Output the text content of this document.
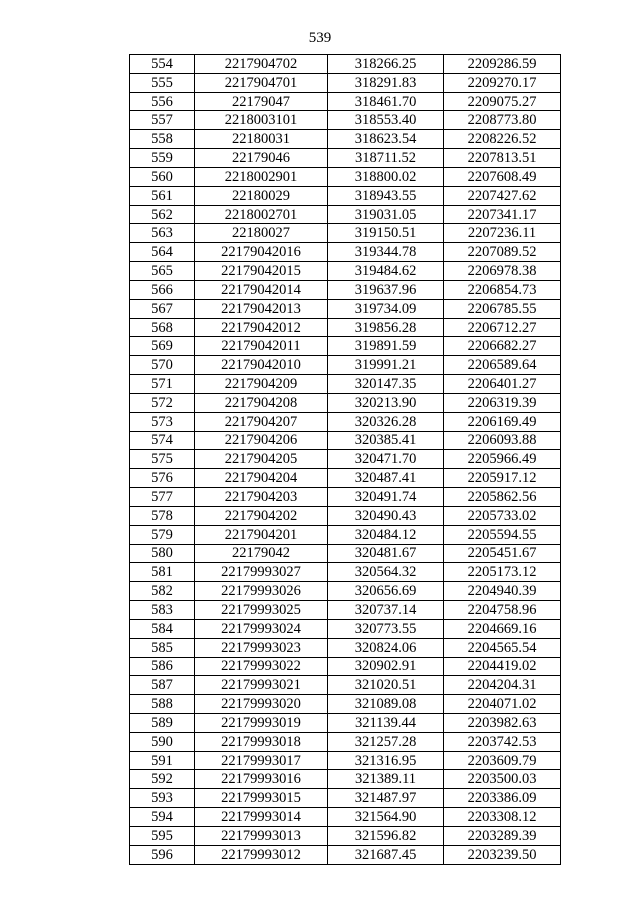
539
554	2217904702	318266.25	2209286.59
555	2217904701	318291.83	2209270.17
556	22179047	318461.70	2209075.27
557	2218003101	318553.40	2208773.80
558	22180031	318623.54	2208226.52
559	22179046	318711.52	2207813.51
560	2218002901	318800.02	2207608.49
561	22180029	318943.55	2207427.62
562	2218002701	319031.05	2207341.17
563	22180027	319150.51	2207236.11
564	22179042016	319344.78	2207089.52
565	22179042015	319484.62	2206978.38
566	22179042014	319637.96	2206854.73
567	22179042013	319734.09	2206785.55
568	22179042012	319856.28	2206712.27
569	22179042011	319891.59	2206682.27
570	22179042010	319991.21	2206589.64
571	2217904209	320147.35	2206401.27
572	2217904208	320213.90	2206319.39
573	2217904207	320326.28	2206169.49
574	2217904206	320385.41	2206093.88
575	2217904205	320471.70	2205966.49
576	2217904204	320487.41	2205917.12
577	2217904203	320491.74	2205862.56
578	2217904202	320490.43	2205733.02
579	2217904201	320484.12	2205594.55
580	22179042	320481.67	2205451.67
581	22179993027	320564.32	2205173.12
582	22179993026	320656.69	2204940.39
583	22179993025	320737.14	2204758.96
584	22179993024	320773.55	2204669.16
585	22179993023	320824.06	2204565.54
586	22179993022	320902.91	2204419.02
587	22179993021	321020.51	2204204.31
588	22179993020	321089.08	2204071.02
589	22179993019	321139.44	2203982.63
590	22179993018	321257.28	2203742.53
591	22179993017	321316.95	2203609.79
592	22179993016	321389.11	2203500.03
593	22179993015	321487.97	2203386.09
594	22179993014	321564.90	2203308.12
595	22179993013	321596.82	2203289.39
596	22179993012	321687.45	2203239.50
